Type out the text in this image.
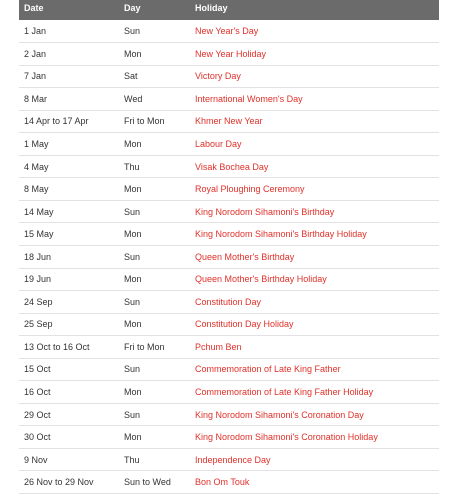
Date	Day	Holiday
1 Jan	Sun	New Year's Day
2 Jan	Mon	New Year Holiday
7 Jan	Sat	Victory Day
8 Mar	Wed	International Women's Day
14 Apr to 17 Apr	Fri to Mon	Khmer New Year
1 May	Mon	Labour Day
4 May	Thu	Visak Bochea Day
8 May	Mon	Royal Ploughing Ceremony
14 May	Sun	King Norodom Sihamoni's Birthday
15 May	Mon	King Norodom Sihamoni's Birthday Holiday
18 Jun	Sun	Queen Mother's Birthday
19 Jun	Mon	Queen Mother's Birthday Holiday
24 Sep	Sun	Constitution Day
25 Sep	Mon	Constitution Day Holiday
13 Oct to 16 Oct	Fri to Mon	Pchum Ben
15 Oct	Sun	Commemoration of Late King Father
16 Oct	Mon	Commemoration of Late King Father Holiday
29 Oct	Sun	King Norodom Sihamoni's Coronation Day
30 Oct	Mon	King Norodom Sihamoni's Coronation Holiday
9 Nov	Thu	Independence Day
26 Nov to 29 Nov	Sun to Wed	Bon Om Touk
